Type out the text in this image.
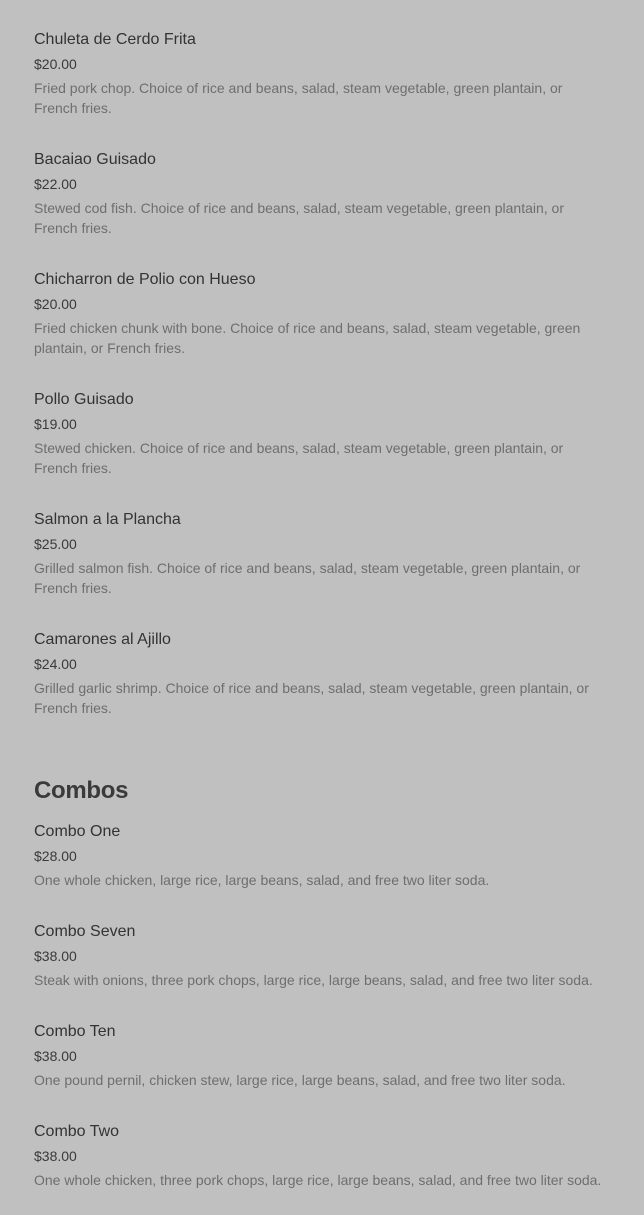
Chuleta de Cerdo Frita
$20.00
Fried pork chop. Choice of rice and beans, salad, steam vegetable, green plantain, or French fries.
Bacaiao Guisado
$22.00
Stewed cod fish. Choice of rice and beans, salad, steam vegetable, green plantain, or French fries.
Chicharron de Polio con Hueso
$20.00
Fried chicken chunk with bone. Choice of rice and beans, salad, steam vegetable, green plantain, or French fries.
Pollo Guisado
$19.00
Stewed chicken. Choice of rice and beans, salad, steam vegetable, green plantain, or French fries.
Salmon a la Plancha
$25.00
Grilled salmon fish. Choice of rice and beans, salad, steam vegetable, green plantain, or French fries.
Camarones al Ajillo
$24.00
Grilled garlic shrimp. Choice of rice and beans, salad, steam vegetable, green plantain, or French fries.
Combos
Combo One
$28.00
One whole chicken, large rice, large beans, salad, and free two liter soda.
Combo Seven
$38.00
Steak with onions, three pork chops, large rice, large beans, salad, and free two liter soda.
Combo Ten
$38.00
One pound pernil, chicken stew, large rice, large beans, salad, and free two liter soda.
Combo Two
$38.00
One whole chicken, three pork chops, large rice, large beans, salad, and free two liter soda.
